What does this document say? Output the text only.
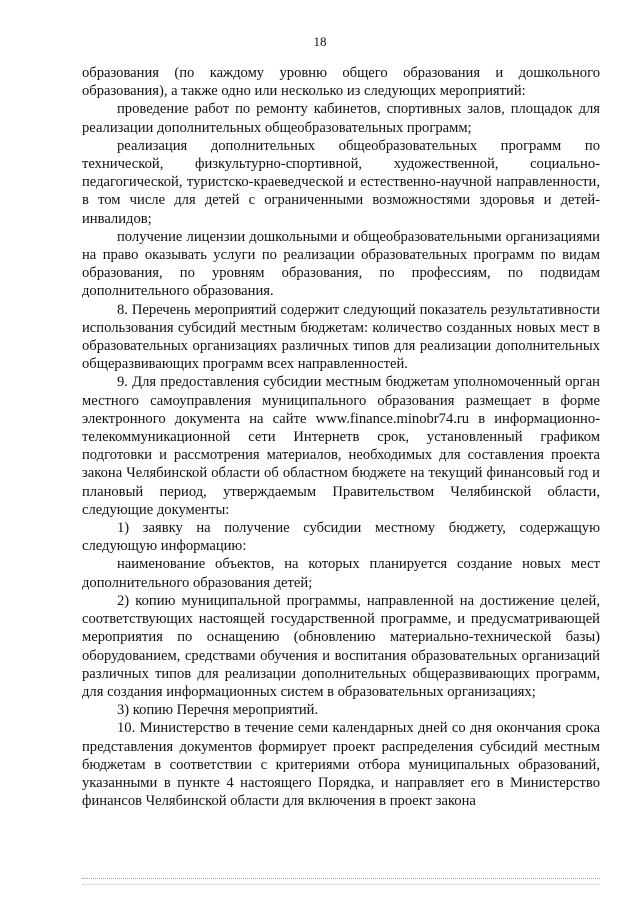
18

образования (по каждому уровню общего образования и дошкольного образования), а также одно или несколько из следующих мероприятий:

проведение работ по ремонту кабинетов, спортивных залов, площадок для реализации дополнительных общеобразовательных программ;

реализация дополнительных общеобразовательных программ по технической, физкультурно-спортивной, художественной, социально-педагогической, туристско-краеведческой и естественно-научной направленности, в том числе для детей с ограниченными возможностями здоровья и детей-инвалидов;

получение лицензии дошкольными и общеобразовательными организациями на право оказывать услуги по реализации образовательных программ по видам образования, по уровням образования, по профессиям, по подвидам дополнительного образования.

8. Перечень мероприятий содержит следующий показатель результативности использования субсидий местным бюджетам: количество созданных новых мест в образовательных организациях различных типов для реализации дополнительных общеразвивающих программ всех направленностей.

9. Для предоставления субсидии местным бюджетам уполномоченный орган местного самоуправления муниципального образования размещает в форме электронного документа на сайте www.finance.minobr74.ru в информационно-телекоммуникационной сети Интернетв срок, установленный графиком подготовки и рассмотрения материалов, необходимых для составления проекта закона Челябинской области об областном бюджете на текущий финансовый год и плановый период, утверждаемым Правительством Челябинской области, следующие документы:

1) заявку на получение субсидии местному бюджету, содержащую следующую информацию:

наименование объектов, на которых планируется создание новых мест дополнительного образования детей;

2) копию муниципальной программы, направленной на достижение целей, соответствующих настоящей государственной программе, и предусматривающей мероприятия по оснащению (обновлению материально-технической базы) оборудованием, средствами обучения и воспитания образовательных организаций различных типов для реализации дополнительных общеразвивающих программ, для создания информационных систем в образовательных организациях;

3) копию Перечня мероприятий.

10. Министерство в течение семи календарных дней со дня окончания срока представления документов формирует проект распределения субсидий местным бюджетам в соответствии с критериями отбора муниципальных образований, указанными в пункте 4 настоящего Порядка, и направляет его в Министерство финансов Челябинской области для включения в проект закона
